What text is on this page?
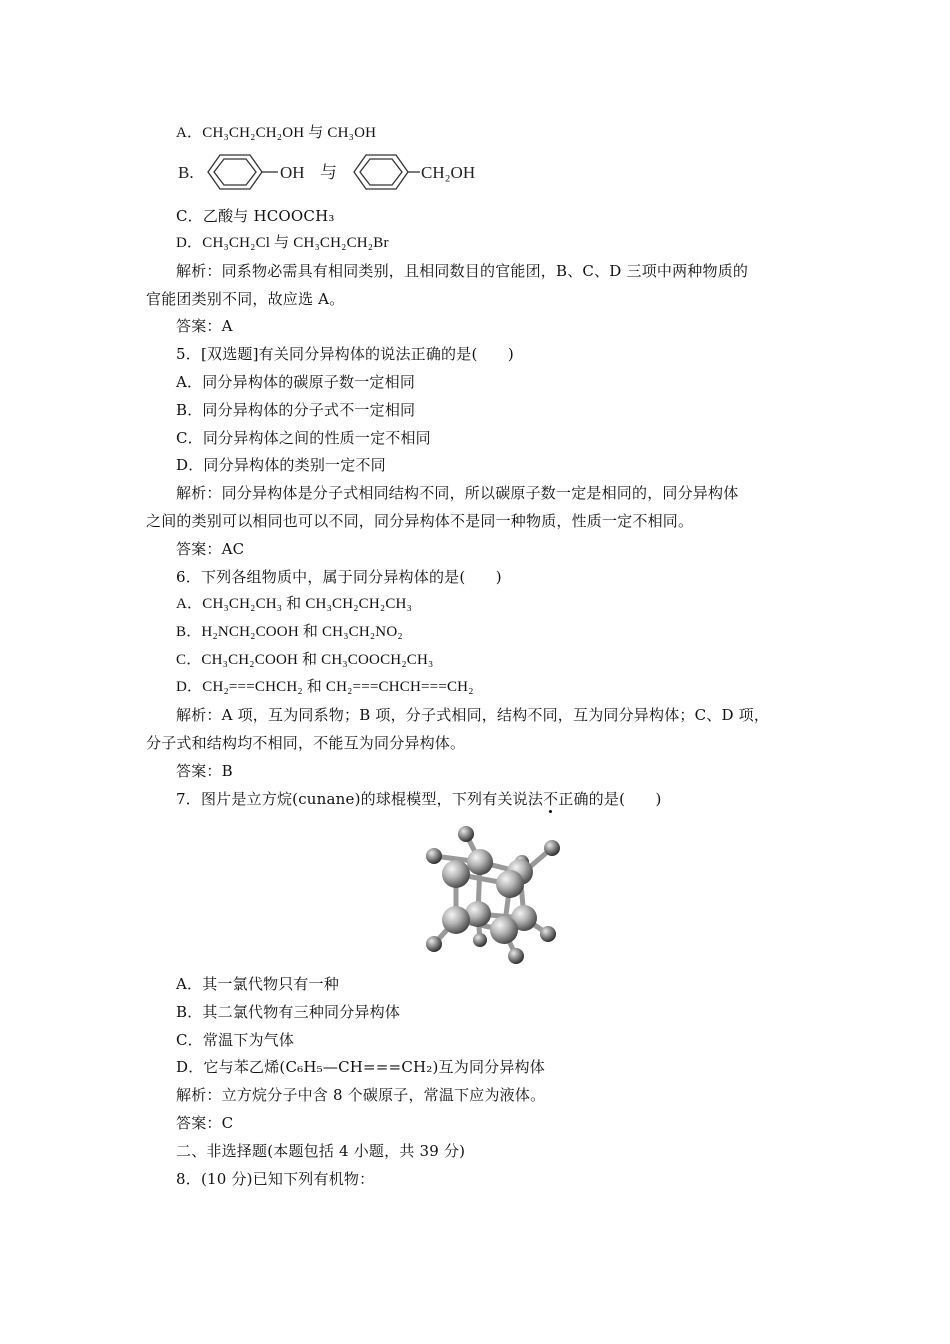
A．CH₃CH₂CH₂OH 与 CH₃OH
B.	OH 与	CH₂OH
C．乙酸与 HCOOCH₃
D．CH₃CH₂Cl 与 CH₃CH₂CH₂Br
解析：同系物必需具有相同类别，且相同数目的官能团，B、C、D 三项中两种物质的
官能团类别不同，故应选 A。
答案：A
5．[双选题]有关同分异构体的说法正确的是(　　)
A．同分异构体的碳原子数一定相同
B．同分异构体的分子式不一定相同
C．同分异构体之间的性质一定不相同
D．同分异构体的类别一定不同
解析：同分异构体是分子式相同结构不同，所以碳原子数一定是相同的，同分异构体
之间的类别可以相同也可以不同，同分异构体不是同一种物质，性质一定不相同。
答案：AC
6．下列各组物质中，属于同分异构体的是(　　)
A．CH₃CH₂CH₃ 和 CH₃CH₂CH₂CH₃
B．H₂NCH₂COOH 和 CH₃CH₂NO₂
C．CH₃CH₂COOH 和 CH₃COOCH₂CH₃
D．CH₂===CHCH₂ 和 CH₂===CHCH===CH₂
解析：A 项，互为同系物；B 项，分子式相同，结构不同，互为同分异构体；C、D 项，
分子式和结构均不相同，不能互为同分异构体。
答案：B
7．图片是立方烷(cunane)的球棍模型，下列有关说法不正确的是(　　)
A．其一氯代物只有一种
B．其二氯代物有三种同分异构体
C．常温下为气体
D．它与苯乙烯(C₆H₅—CH===CH₂)互为同分异构体
解析：立方烷分子中含 8 个碳原子，常温下应为液体。
答案：C
二、非选择题(本题包括 4 小题，共 39 分)
8．(10 分)已知下列有机物：
